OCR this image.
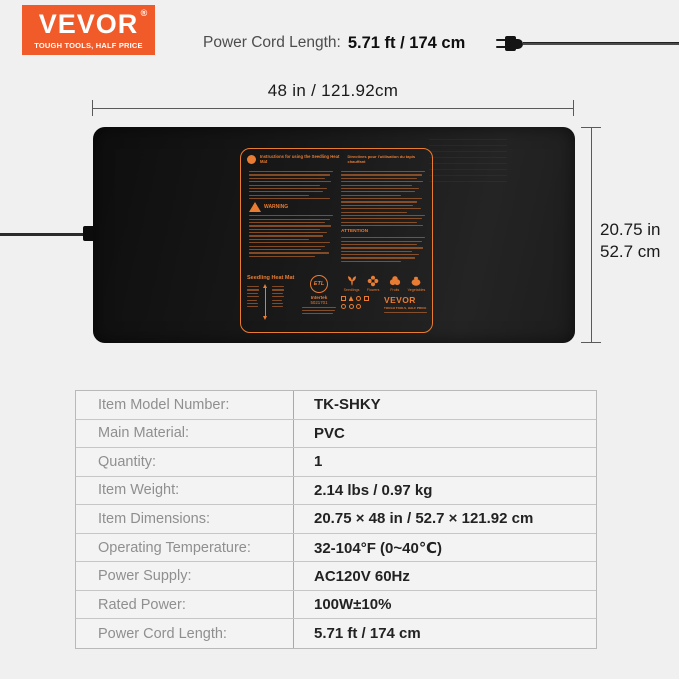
VEVOR ®
TOUGH TOOLS, HALF PRICE	Power Cord Length: 5.71 ft / 174 cm
48 in / 121.92cm
20.75 in
52.7 cm
Instructions for using the Seedling Heat Mat
Directives pour l'utilisation du tapis chauffant
WARNING
ATTENTION
Seedling Heat Mat
ETL
Intertek
5021701
Seedlings	Flowers	Fruits	Vegetables
VEVOR
TOUGH TOOLS, HALF PRICE
Item Model Number:	TK-SHKY
Main Material:	PVC
Quantity:	1
Item Weight:	2.14 lbs / 0.97 kg
Item Dimensions:	20.75 × 48 in / 52.7 × 121.92 cm
Operating Temperature:	32-104°F (0~40℃)
Power Supply:	AC120V 60Hz
Rated Power:	100W±10%
Power Cord Length:	5.71 ft / 174 cm
